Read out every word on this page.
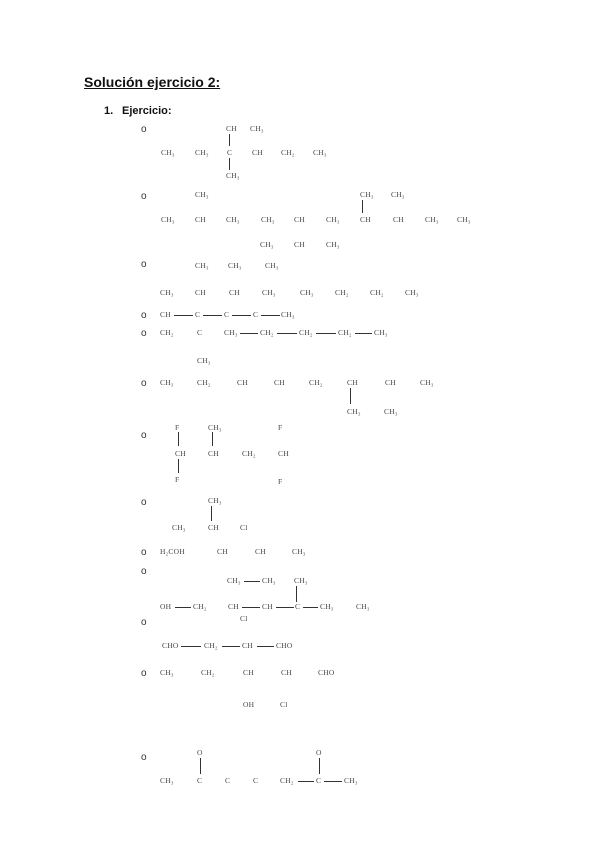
Solución ejercicio 2:
1. Ejercicio:
o
o
o
o
o
o
o
o
o
o
o
o
o
CH CH₃
CH₃	CH₃ C	CH CH₂ CH₃
CH₃
CH₃	CH₃ CH₃
CH₃	CH	CH₃	CH₃	CH	CH₃	CH	CH	CH₃ CH₃
CH₃	CH	CH₃
CH₃	CH₃	CH₃
CH₃	CH	CH	CH₃	CH₃	CH₂	CH₂	CH₃
CH	C	C	C	CH₃
CH₂	C	CH₃	CH₂	CH₂	CH₂	CH₃
CH₃
CH₃	CH₂	CH	CH	CH₂	CH	CH	CH₃
CH₃	CH₃
F	CH₃	F
CH	CH	CH₂	CH
F	F
CH₃
CH₃	CH	Cl
H₂COH	CH	CH	CH₃
CH₃	CH₃ CH₃
OH	CH₂	CH	CH	C	CH₃	CH₃
Cl
CHO	CH₂	CH	CHO
CH₃	CH₂	CH	CH	CHO
OH	Cl
O	O
CH₃	C	C	C	CH₂	C	CH₃
